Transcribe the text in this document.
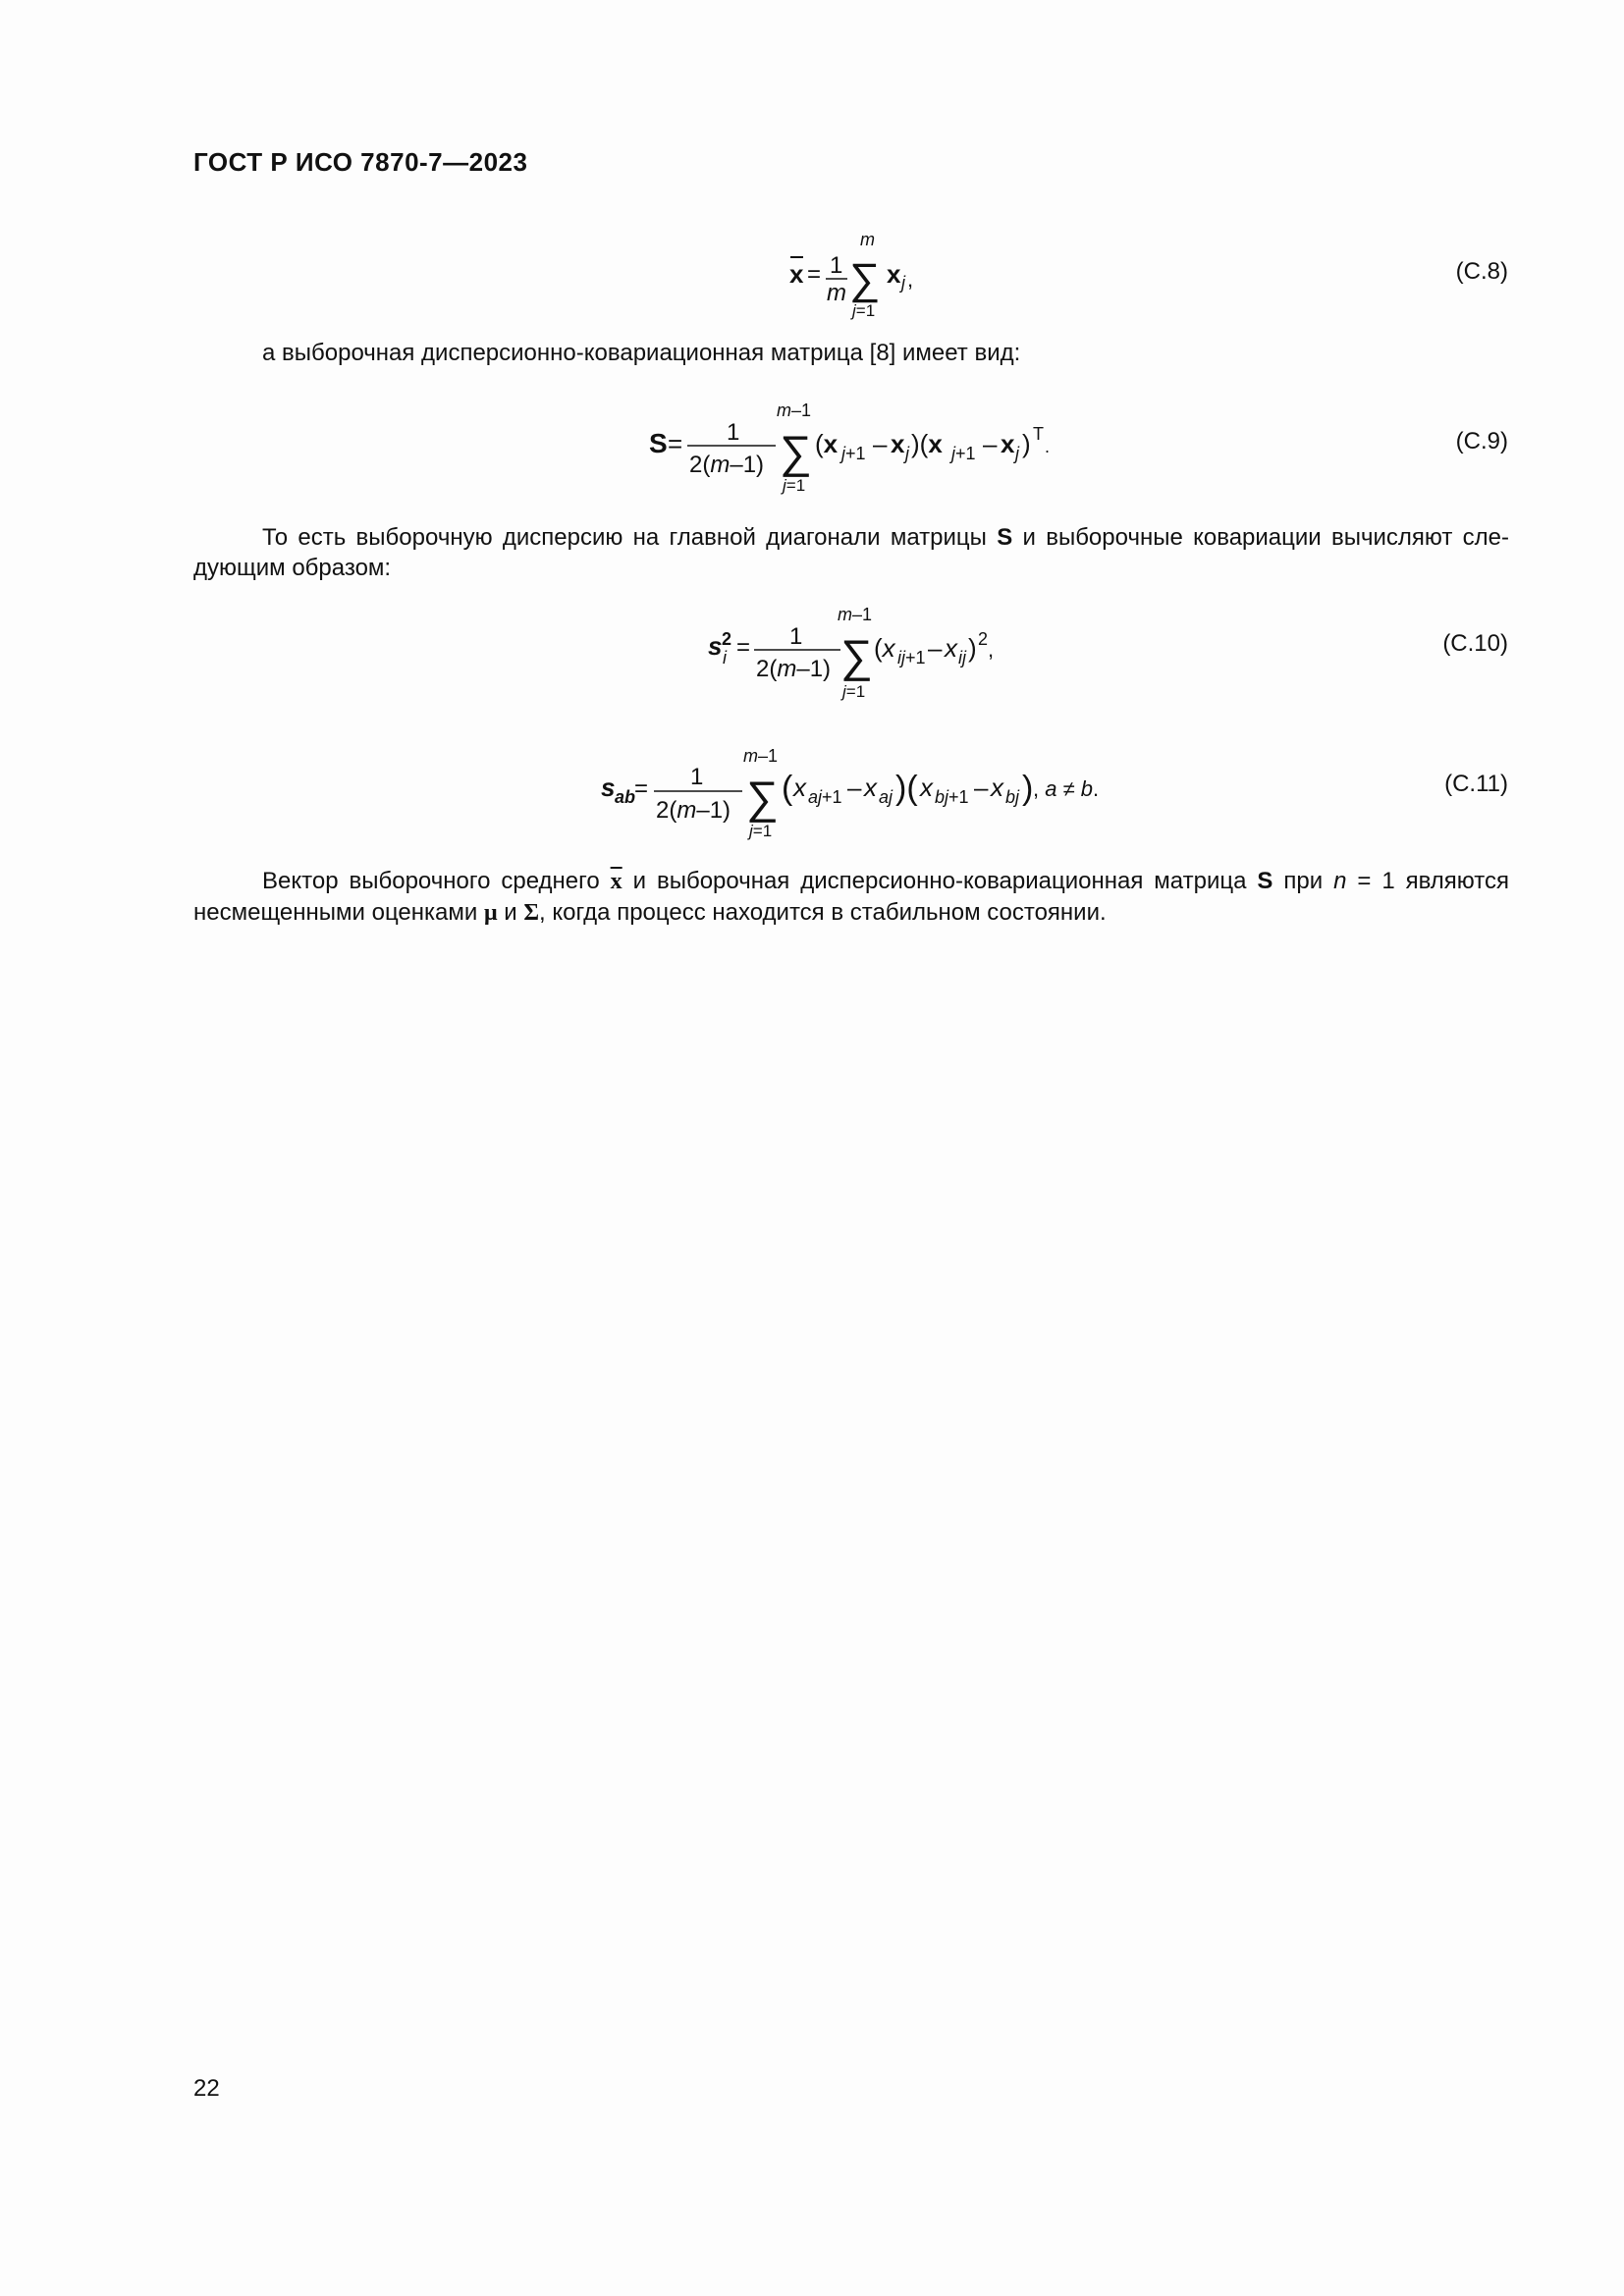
ГОСТ Р ИСО 7870-7—2023
x = 1
m
m
∑
j=1
x j ,	(C.8)
а выборочная дисперсионно-ковариационная матрица [8] имеет вид:
S = 1
2(m–1)
m–1
∑
j=1
(x j+1 – x j )(x j+1 – x j ) T
.	(C.9)
То есть выборочную дисперсию на главной диагонали матрицы S и выборочные ковариации вычисляют сле-дующим образом:
s 2
i = 1
2(m–1)
m–1
∑
j=1
(x ij+1 – x ij ) 2 ,	(C.10)
s ab
= 1
2(m–1)
m–1
∑
j=1
( x aj+1 – x aj )( x bj+1 – x bj ) , a ≠ b.	(C.11)
Вектор выборочного среднего $\overline{x}$ и выборочная дисперсионно-ковариационная матрица S при n = 1 являются несмещенными оценками μ и Σ, когда процесс находится в стабильном состоянии.
22
